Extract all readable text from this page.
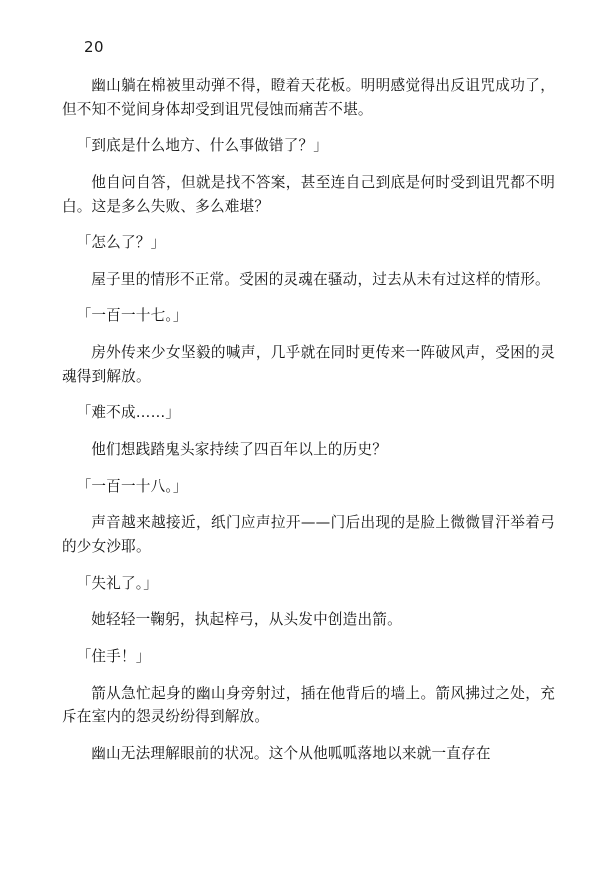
20

幽山躺在棉被里动弹不得，瞪着天花板。明明感觉得出反诅咒成功了，但不知不觉间身体却受到诅咒侵蚀而痛苦不堪。

「到底是什么地方、什么事做错了？」

他自问自答，但就是找不答案，甚至连自己到底是何时受到诅咒都不明白。这是多么失败、多么难堪？

「怎么了？」

屋子里的情形不正常。受困的灵魂在骚动，过去从未有过这样的情形。

「一百一十七。」

房外传来少女坚毅的喊声，几乎就在同时更传来一阵破风声，受困的灵魂得到解放。

「难不成……」

他们想践踏鬼头家持续了四百年以上的历史？

「一百一十八。」

声音越来越接近，纸门应声拉开——门后出现的是脸上微微冒汗举着弓的少女沙耶。

「失礼了。」

她轻轻一鞠躬，执起梓弓，从头发中创造出箭。

「住手！」

箭从急忙起身的幽山身旁射过，插在他背后的墙上。箭风拂过之处，充斥在室内的怨灵纷纷得到解放。

幽山无法理解眼前的状况。这个从他呱呱落地以来就一直存在
